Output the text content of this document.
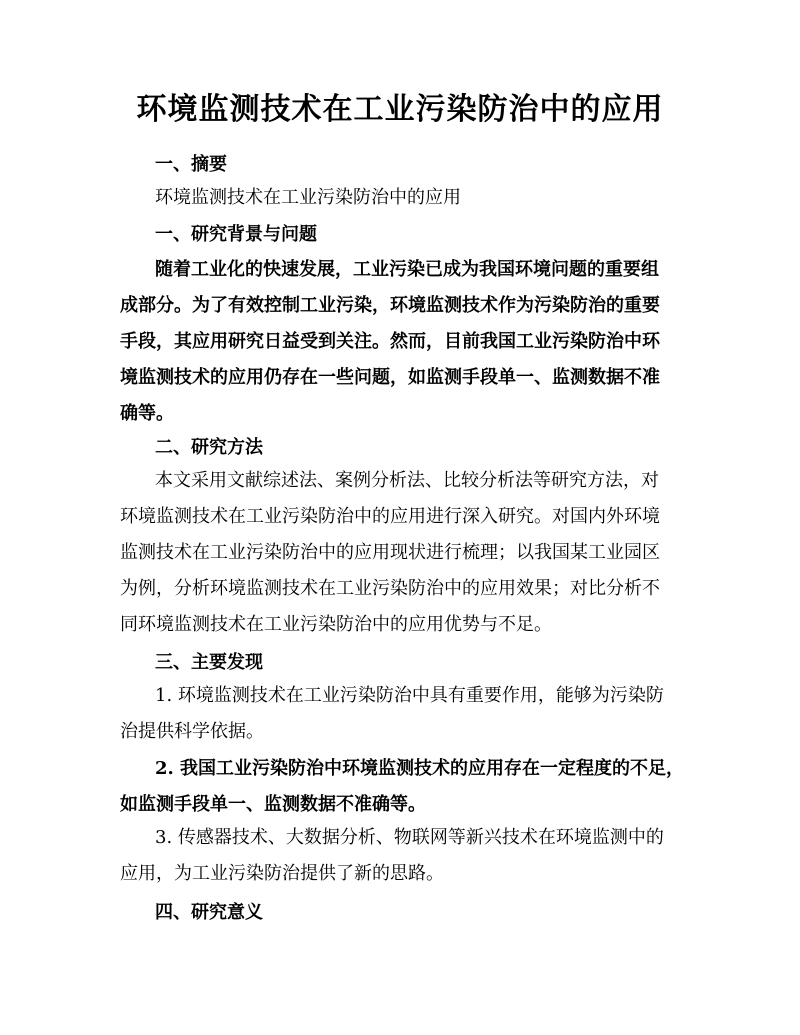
环境监测技术在工业污染防治中的应用
一、摘要
环境监测技术在工业污染防治中的应用
一、研究背景与问题
随着工业化的快速发展，工业污染已成为我国环境问题的重要组
成部分。为了有效控制工业污染，环境监测技术作为污染防治的重要
手段，其应用研究日益受到关注。然而，目前我国工业污染防治中环
境监测技术的应用仍存在一些问题，如监测手段单一、监测数据不准
确等。
二、研究方法
本文采用文献综述法、案例分析法、比较分析法等研究方法，对
环境监测技术在工业污染防治中的应用进行深入研究。对国内外环境
监测技术在工业污染防治中的应用现状进行梳理；以我国某工业园区
为例，分析环境监测技术在工业污染防治中的应用效果；对比分析不
同环境监测技术在工业污染防治中的应用优势与不足。
三、主要发现
1. 环境监测技术在工业污染防治中具有重要作用，能够为污染防
治提供科学依据。
2. 我国工业污染防治中环境监测技术的应用存在一定程度的不足，
如监测手段单一、监测数据不准确等。
3. 传感器技术、大数据分析、物联网等新兴技术在环境监测中的
应用，为工业污染防治提供了新的思路。
四、研究意义
